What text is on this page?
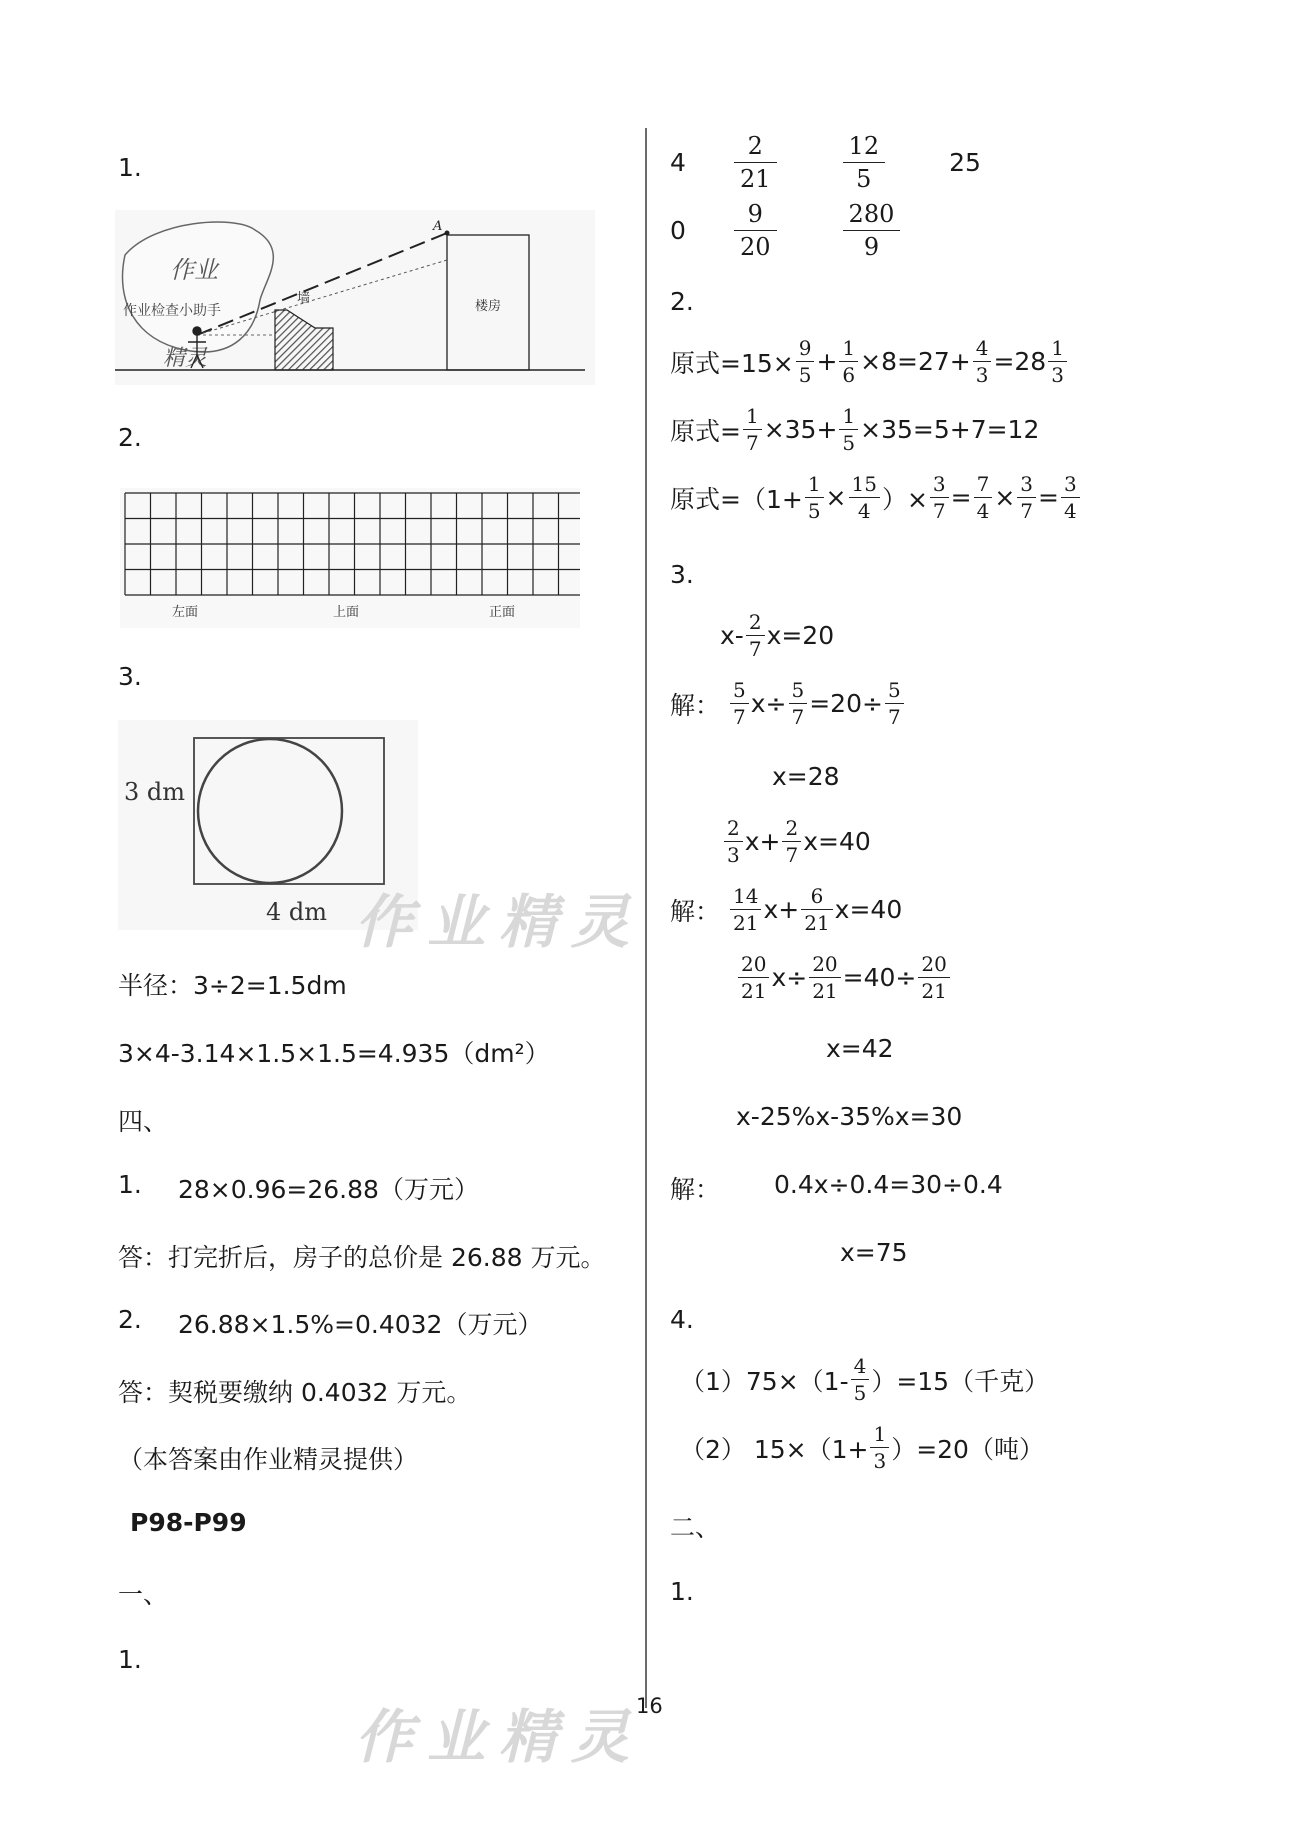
1.
作业
作业检查小助手
精灵
墙
楼房
A
2.
左面	上面	正面
3.
3 dm
4 dm
半径：3÷2=1.5dm
3×4-3.14×1.5×1.5=4.935（dm²）
四、
1. 28×0.96=26.88（万元）
答：打完折后，房子的总价是 26.88 万元。
2. 26.88×1.5%=0.4032（万元）
答：契税要缴纳 0.4032 万元。
（本答案由作业精灵提供）
P98-P99
一、
1.
4	$\frac{2}{21}$	$\frac{12}{5}$	25
0	$\frac{9}{20}$	$\frac{280}{9}$
2.
原式$=15\times \frac{9}{5} + \frac{1}{6} \times 8=27+ \frac{4}{3} =28 \frac{1}{3}$
原式= $\frac{1}{7} \times 35+ \frac{1}{5} \times 35=5+7=12$
原式$=(1+ \frac{1}{5} \times \frac{15}{4}$ ）× $\frac{3}{7} = \frac{7}{4} \times \frac{3}{7} = \frac{3}{4}$
3.
$x- \frac{2}{7} x=20$
解： $\frac{5}{7} x\div \frac{5}{7} =20\div \frac{5}{7}$
x=28
$\frac{2}{3} x+ \frac{2}{7} x=40$
解： $\frac{14}{21} x+ \frac{6}{21} x=40$
$\frac{20}{21} x\div \frac{20}{21} =40\div \frac{20}{21}$
x=42
x-25%x-35%x=30
解： 0.4x÷0.4=30÷0.4
x=75
4.
$(1)75\times(1- \frac{4}{5} )=15$（千克）
（2） $15\times(1+ \frac{1}{3} )=20$（吨）
二、
1.
16
作业精灵
作业精灵
